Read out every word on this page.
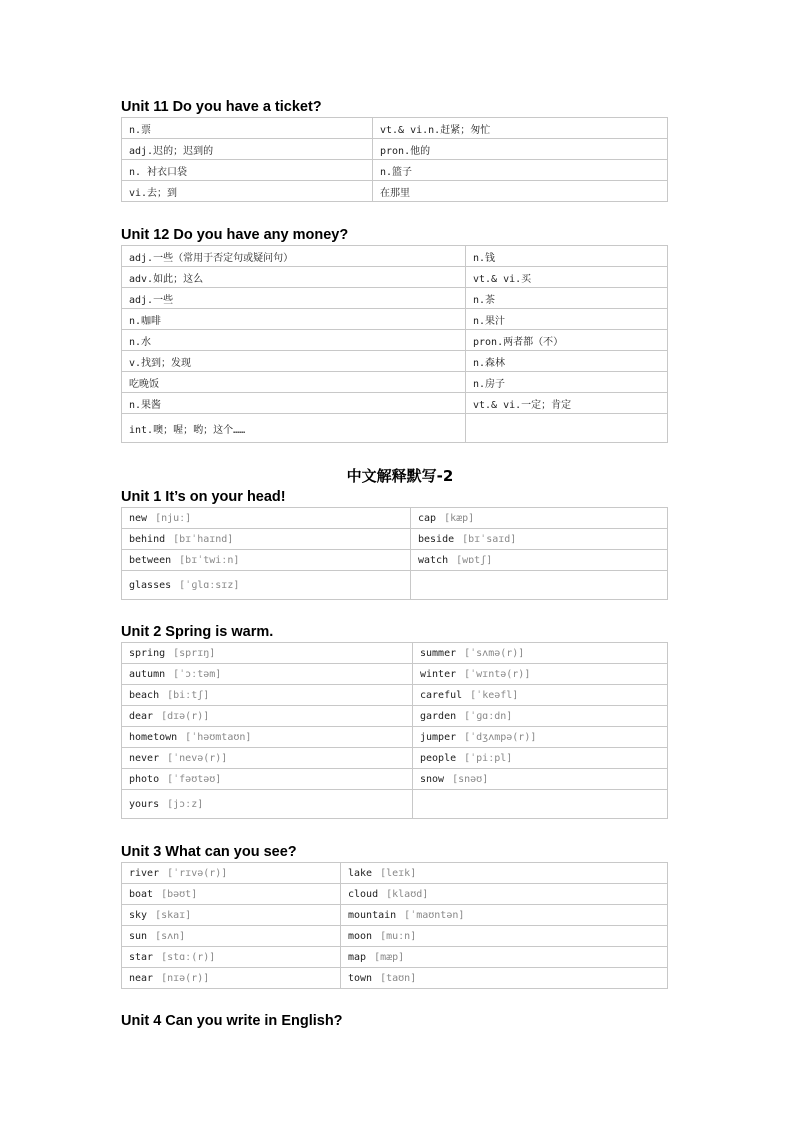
Unit 11 Do you have a ticket?
n.票	vt.& vi.n.赶紧；匆忙
adj.迟的；迟到的	pron.他的
n. 衬衣口袋	n.篮子
vi.去；到	在那里
Unit 12 Do you have any money?
adj.一些（常用于否定句或疑问句）	n.钱
adv.如此；这么	vt.& vi.买
adj.一些	n.茶
n.咖啡	n.果汁
n.水	pron.两者都（不）
v.找到；发现	n.森林
吃晚饭	n.房子
n.果酱	vt.& vi.一定；肯定
int.噢；喔；哟；这个……	
中文解释默写-2
Unit 1 It’s on your head!
new [njuː]	cap [kæp]
behind [bɪˈhaɪnd]	beside [bɪˈsaɪd]
between [bɪˈtwiːn]	watch [wɒtʃ]
glasses [ˈɡlɑːsɪz]	
Unit 2 Spring is warm.
spring [sprɪŋ]	summer [ˈsʌmə(r)]
autumn [ˈɔːtəm]	winter [ˈwɪntə(r)]
beach [biːtʃ]	careful [ˈkeəfl]
dear [dɪə(r)]	garden [ˈɡɑːdn]
hometown [ˈhəʊmtaʊn]	jumper [ˈdʒʌmpə(r)]
never [ˈnevə(r)]	people [ˈpiːpl]
photo [ˈfəʊtəʊ]	snow [snəʊ]
yours [jɔːz]	
Unit 3 What can you see?
river [ˈrɪvə(r)]	lake [leɪk]
boat [bəʊt]	cloud [klaʊd]
sky [skaɪ]	mountain [ˈmaʊntən]
sun [sʌn]	moon [muːn]
star [stɑː(r)]	map [mæp]
near [nɪə(r)]	town [taʊn]
Unit 4 Can you write in English?
